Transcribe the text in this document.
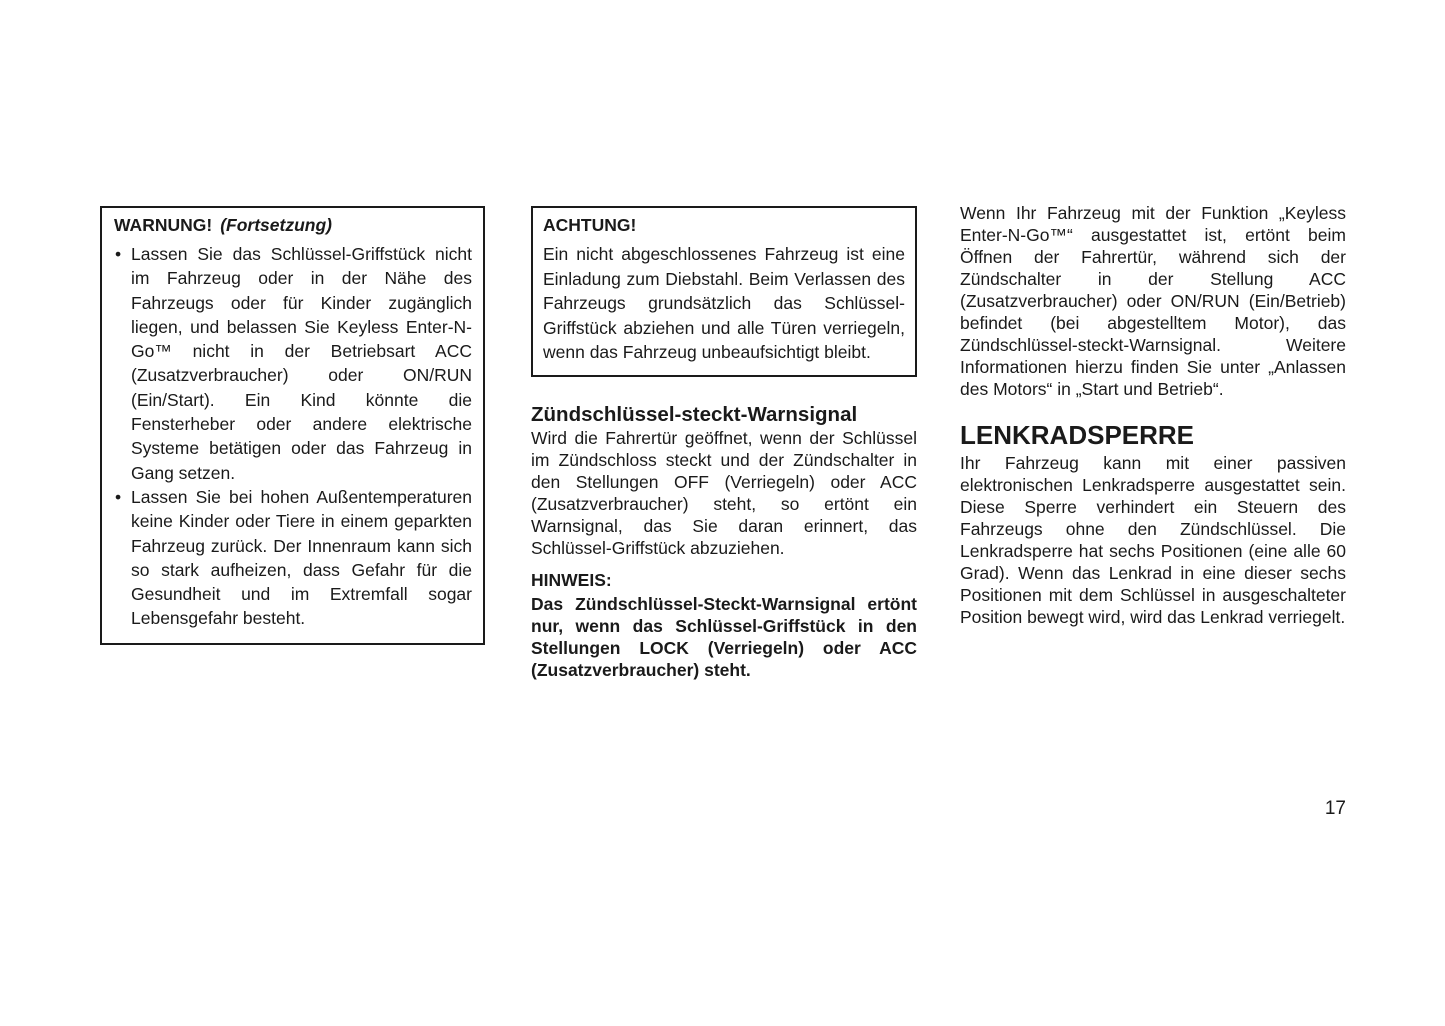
WARNUNG! (Fortsetzung)
• Lassen Sie das Schlüssel-Griffstück nicht im Fahrzeug oder in der Nähe des Fahrzeugs oder für Kinder zugänglich liegen, und belassen Sie Keyless Enter-N-Go™ nicht in der Betriebsart ACC (Zusatzverbraucher) oder ON/RUN (Ein/Start). Ein Kind könnte die Fensterheber oder andere elektrische Systeme betätigen oder das Fahrzeug in Gang setzen.
• Lassen Sie bei hohen Außentemperaturen keine Kinder oder Tiere in einem geparkten Fahrzeug zurück. Der Innenraum kann sich so stark aufheizen, dass Gefahr für die Gesundheit und im Extremfall sogar Lebensgefahr besteht.
ACHTUNG!

Ein nicht abgeschlossenes Fahrzeug ist eine Einladung zum Diebstahl. Beim Verlassen des Fahrzeugs grundsätzlich das Schlüssel-Griffstück abziehen und alle Türen verriegeln, wenn das Fahrzeug unbeaufsichtigt bleibt.

Zündschlüssel-steckt-Warnsignal

Wird die Fahrertür geöffnet, wenn der Schlüssel im Zündschloss steckt und der Zündschalter in den Stellungen OFF (Verriegeln) oder ACC (Zusatzverbraucher) steht, so ertönt ein Warnsignal, das Sie daran erinnert, das Schlüssel-Griffstück abzuziehen.

HINWEIS:

Das Zündschlüssel-Steckt-Warnsignal ertönt nur, wenn das Schlüssel-Griffstück in den Stellungen LOCK (Verriegeln) oder ACC (Zusatzverbraucher) steht.

Wenn Ihr Fahrzeug mit der Funktion „Keyless Enter-N-Go™“ ausgestattet ist, ertönt beim Öffnen der Fahrertür, während sich der Zündschalter in der Stellung ACC (Zusatzverbraucher) oder ON/RUN (Ein/Betrieb) befindet (bei abgestelltem Motor), das Zündschlüssel-steckt-Warnsignal. Weitere Informationen hierzu finden Sie unter „Anlassen des Motors“ in „Start und Betrieb“.

LENKRADSPERRE

Ihr Fahrzeug kann mit einer passiven elektronischen Lenkradsperre ausgestattet sein. Diese Sperre verhindert ein Steuern des Fahrzeugs ohne den Zündschlüssel. Die Lenkradsperre hat sechs Positionen (eine alle 60 Grad). Wenn das Lenkrad in eine dieser sechs Positionen mit dem Schlüssel in ausgeschalteter Position bewegt wird, wird das Lenkrad verriegelt.

17
